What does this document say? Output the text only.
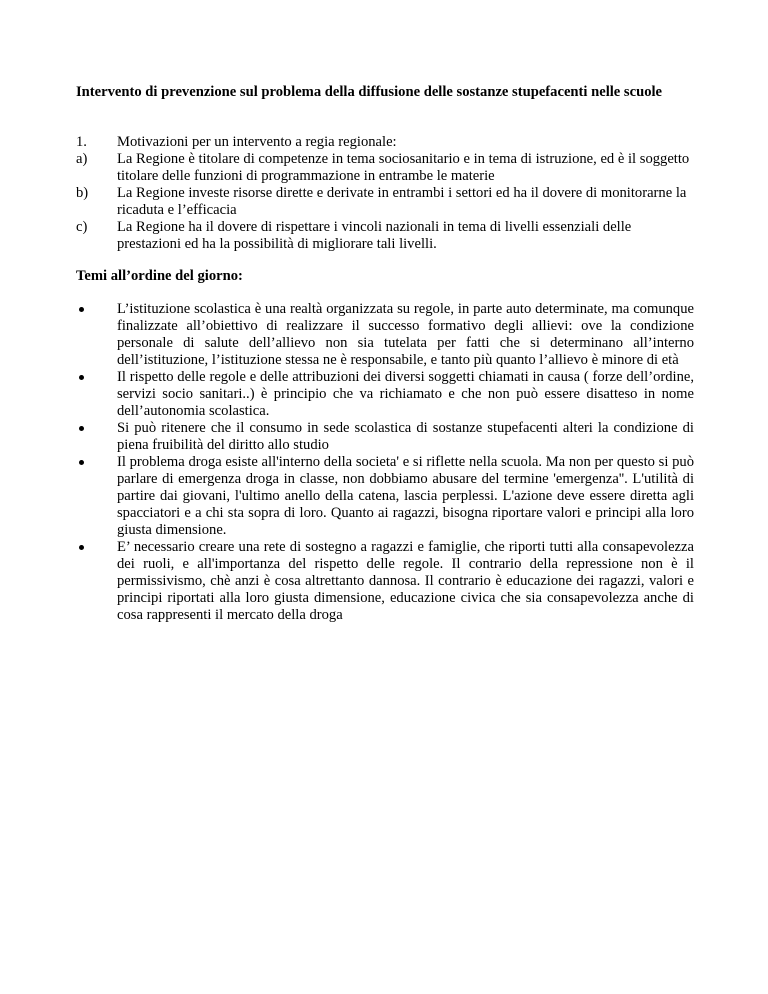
Intervento di prevenzione sul problema della diffusione delle sostanze stupefacenti nelle scuole

1.	Motivazioni per un intervento a regia regionale:
a)	La Regione è titolare di competenze in tema sociosanitario e in tema di istruzione, ed è il soggetto titolare delle funzioni di programmazione in entrambe le materie
b)	La Regione investe risorse dirette e derivate in entrambi i settori ed ha il dovere di monitorarne la ricaduta e l’efficacia
c)	La Regione ha il dovere di rispettare i vincoli nazionali in tema di livelli essenziali delle prestazioni ed ha la possibilità di migliorare tali livelli.

Temi all’ordine del giorno:

L’istituzione scolastica è una realtà organizzata su regole, in parte auto determinate, ma comunque finalizzate all’obiettivo di realizzare il successo formativo degli allievi: ove la condizione personale di salute dell’allievo non sia tutelata per fatti che si determinano all’interno dell’istituzione, l’istituzione stessa ne è responsabile, e tanto più quanto l’allievo è minore di età
Il rispetto delle regole e delle attribuzioni dei diversi soggetti chiamati in causa ( forze dell’ordine, servizi socio sanitari..) è principio che va richiamato e che non può essere disatteso in nome dell’autonomia scolastica.
Si può ritenere che il consumo in sede scolastica di sostanze stupefacenti alteri la condizione di piena fruibilità del diritto allo studio
Il problema droga esiste all'interno della societa' e si riflette nella scuola. Ma non per questo si può parlare di emergenza droga in classe, non dobbiamo abusare del termine 'emergenza''. L'utilità di partire dai giovani, l'ultimo anello della catena, lascia perplessi. L'azione deve essere diretta agli spacciatori e a chi sta sopra di loro. Quanto ai ragazzi, bisogna riportare valori e principi alla loro giusta dimensione.
E’ necessario creare una rete di sostegno a ragazzi e famiglie, che riporti tutti alla consapevolezza dei ruoli, e all'importanza del rispetto delle regole. Il contrario della repressione non è il permissivismo, chè anzi è cosa altrettanto dannosa. Il contrario è educazione dei ragazzi, valori e principi riportati alla loro giusta dimensione, educazione civica che sia consapevolezza anche di cosa rappresenti il mercato della droga
